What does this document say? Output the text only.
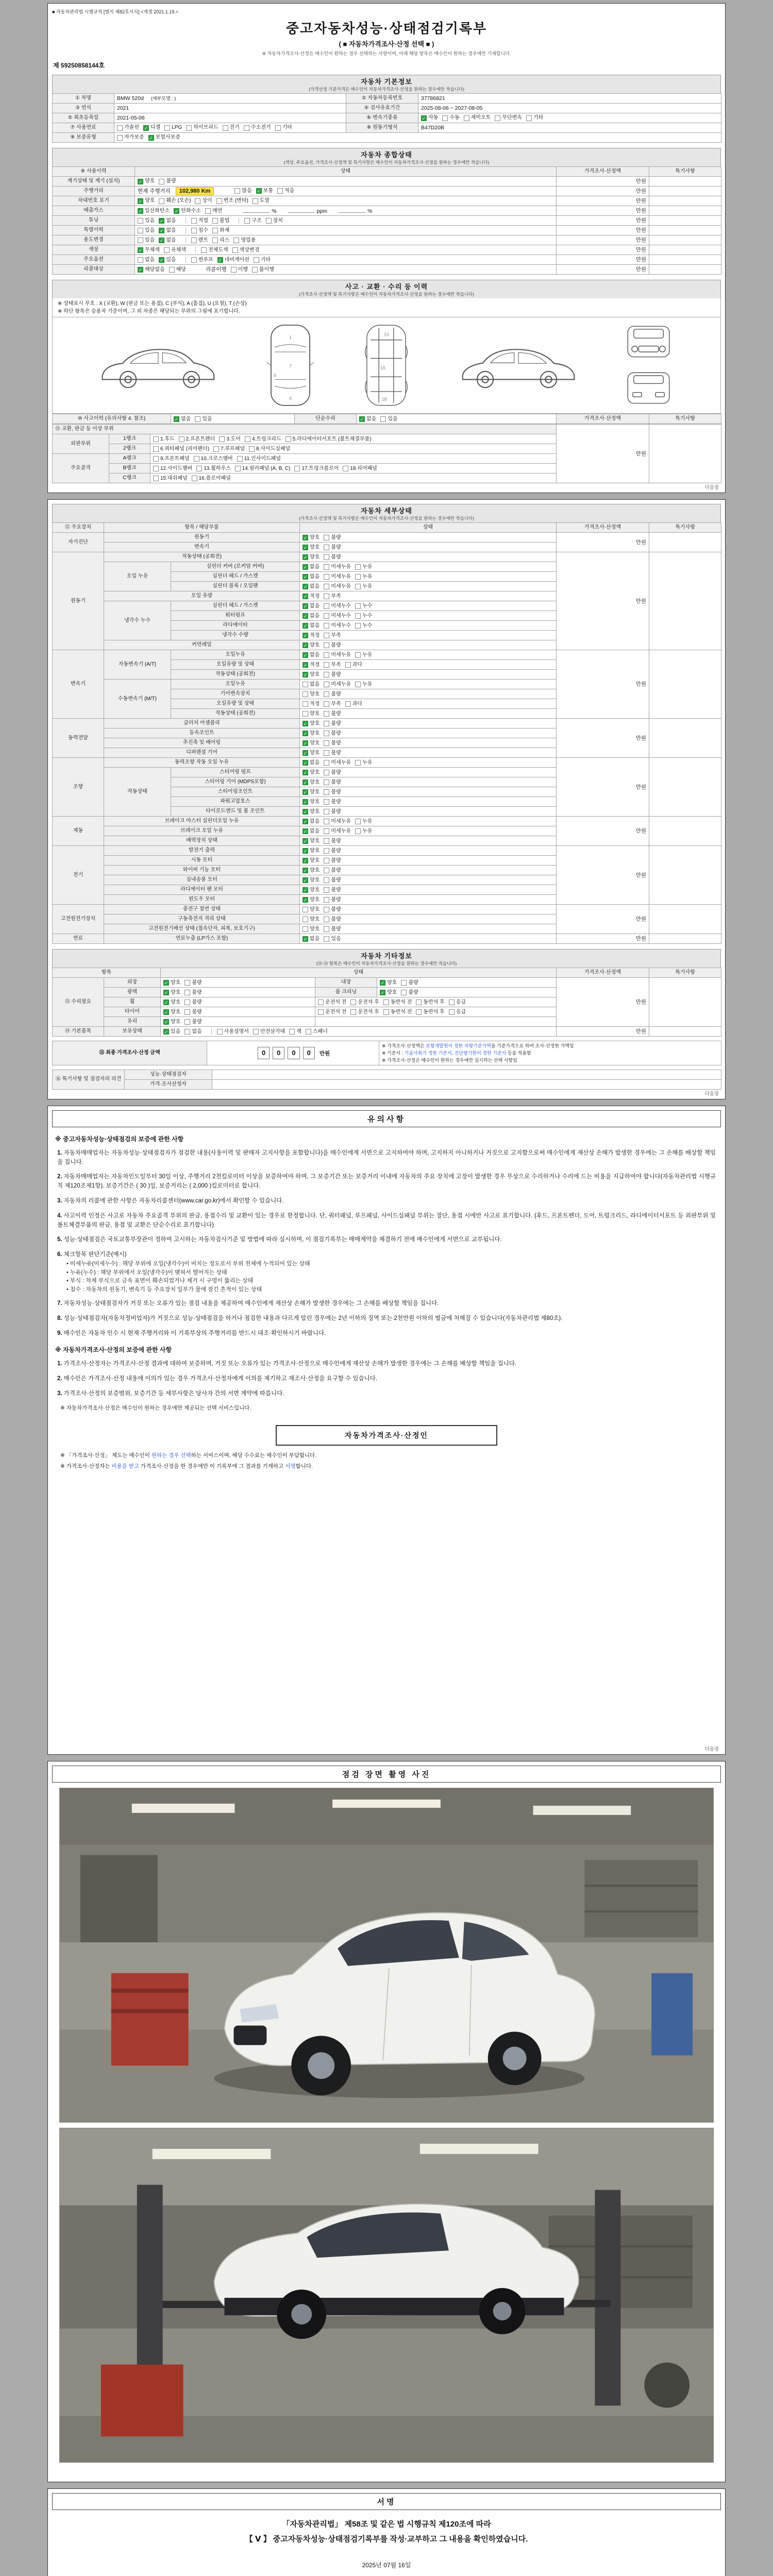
■ 자동차관리법 시행규칙 [별지 제82호서식] <개정 2021.1.19.>
중고자동차성능·상태점검기록부
( ■ 자동차가격조사·산정 선택 ■ )
※ 자동차가격조사·산정은 매수인이 원하는 경우 선택하는 사항이며, 아래 해당 항목은 매수인이 원하는 경우에만 기재합니다.
제 59250858144호
자동차 기본정보
(가격산정 기준가격은 매수인이 자동차가격조사·산정을 원하는 경우에만 적습니다)
① 차명	BMW 520d (세부모델 : )	② 자동차등록번호	37786821
③ 연식	2021	④ 검사유효기간	2025-08-06 ~ 2027-08-05
⑤ 최초등록일	2021-05-06	⑥ 변속기종류	✓ 자동 수동 세미오토 무단변속 기타

⑦ 사용연료	가솔린 ✓ 디젤 LPG 하이브리드 전기 수소전기 기타	⑧ 원동기형식	B47D20B
⑨ 보증유형	자가보증 ✓ 보험사보증		
자동차 종합상태
(색상, 주요옵션, 가격조사·산정액 및 특기사항은 매수인이 자동차가격조사·산정을 원하는 경우에만 적습니다)
⑨ 사용이력	상태	가격조사·산정액	특기사항
계기상태 및 계기 (설치)	✓ 양호 불량	만원	
주행거리	현재 주행거리 102,980 Km 많음 ✓ 보통 적음	만원	
차대번호 표기	✓ 양호 훼손 (오손) 상이 변조 (변타) 도말	만원	
배출가스	✓ 일산화탄소 ✓ 탄화수소 매연	%	ppm	%	만원	
튜닝	있음 ✓ 없음	적법 불법	구조 장치	만원	
특별이력	있음 ✓ 없음 침수 화재	만원	
용도변경	있음 ✓ 없음	렌트 리스 영업용	만원	
색상	✓ 무채색 유채색 전체도색 색상변경	만원	
주요옵션	없음 ✓ 있음	썬루프 ✓ 네비게이션 기타	만원	
리콜대상	✓ 해당없음 해당	리콜이행 이행 불이행	만원	
사고 · 교환 · 수리 등 이력
(가격조사·산정액 및 특기사항은 매수인이 자동차가격조사·산정을 원하는 경우에만 적습니다)
※ 상태표시 부호 : X (교환), W (판금 또는 용접), C (부식), A (흠집), U (요철), T (손상)
※ 하단 항목은 승용차 기준이며, 그 외 차종은 해당되는 부위의 그림에 표기합니다.
1
7
4
6
10
16
18
⑩ 사고이력 (유의사항 4. 참조)	✓ 없음 있음	단순수리	✓ 없음 있음	가격조사·산정액	특기사항
⑪ 교환, 판금 등 이상 부위			만원	
외판부위	1랭크	1.후드 2.프론트펜더 3.도어 4.트렁크리드 5.라디에이터서포트 (볼트체결부품)		

	2랭크	6.쿼터패널 (리어펜더) 7.루프패널 8.사이드실패널		

주요골격	A랭크	9.프론트패널 10.크로스멤버 11.인사이드패널		

	B랭크	12.사이드멤버 13.휠하우스 14.필러패널 (A, B, C) 17.트렁크플로어 18.리어패널		

	C랭크	15.대쉬패널 16.플로어패널		
다음장
자동차 세부상태
(가격조사·산정액 및 특기사항은 매수인이 자동차가격조사·산정을 원하는 경우에만 적습니다)
⑫ 주요장치	항목 / 해당부품		상태	가격조사·산정액	특기사항
자기진단	원동기		✓ 양호 불량	만원	
	변속기		✓ 양호 불량		

원동기	작동상태 (공회전)		✓ 양호 불량	만원	
	오일 누유	실린더 커버 (로커암 커버)	✓ 없음 미세누유 누유		

		실린더 헤드 / 가스켓	✓ 없음 미세누유 누유		

		실린더 블록 / 오일팬	✓ 없음 미세누유 누유		

	오일 유량		✓ 적정 부족		

	냉각수 누수	실린더 헤드 / 가스켓	✓ 없음 미세누수 누수		

		워터펌프	✓ 없음 미세누수 누수		

		라디에이터	✓ 없음 미세누수 누수		

		냉각수 수량	✓ 적정 부족		

	커먼레일		✓ 양호 불량		

변속기	자동변속기 (A/T)	오일누유	✓ 없음 미세누유 누유	만원	
		오일유량 및 상태	✓ 적정 부족 과다		

		작동상태 (공회전)	✓ 양호 불량		

	수동변속기 (M/T)	오일누유	없음 미세누유 누유		

		기어변속장치	양호 불량		

		오일유량 및 상태	적정 부족 과다		

		작동상태 (공회전)	양호 불량		

동력전달	클러치 어셈블리		✓ 양호 불량	만원	
	등속조인트		✓ 양호 불량		

	추진축 및 베어링		✓ 양호 불량		

	디퍼렌셜 기어		✓ 양호 불량		

조향	동력조향 작동 오일 누유		✓ 없음 미세누유 누유	만원	
	작동상태	스티어링 펌프	✓ 양호 불량		

		스티어링 기어 (MDPS포함)	✓ 양호 불량		

		스티어링조인트	✓ 양호 불량		

		파워고압호스	✓ 양호 불량		

		타이로드엔드 및 볼 조인트	✓ 양호 불량		

제동	브레이크 마스터 실린더오일 누유		✓ 없음 미세누유 누유	만원	
	브레이크 오일 누유		✓ 없음 미세누유 누유		

	배력장치 상태		✓ 양호 불량		

전기	발전기 출력		✓ 양호 불량	만원	
	시동 모터		✓ 양호 불량		

	와이퍼 기능 모터		✓ 양호 불량		

	실내송풍 모터		✓ 양호 불량		

	라디에이터 팬 모터		✓ 양호 불량		

	윈도우 모터		✓ 양호 불량		

고전원전기장치	충전구 절연 상태		양호 불량	만원	
	구동축전지 격리 상태		양호 불량		

	고전원전기배선 상태 (접속단자, 피복, 보호기구)		양호 불량		

연료	연료누출 (LP가스 포함)		✓ 없음 있음	만원	
자동차 기타정보
(⑬·⑭ 항목은 매수인이 자동차가격조사·산정을 원하는 경우에만 적습니다)
항목		상태			가격조사·산정액	특기사항
⑬ 수리필요	외장	✓ 양호 불량	내장	✓ 양호 불량	만원	
	광택	✓ 양호 불량	룸 크리닝	✓ 양호 불량		

	휠	✓ 양호 불량	운전석 전 운전석 후 동반석 전 동반석 후 응급			

	타이어	✓ 양호 불량	운전석 전 운전석 후 동반석 전 동반석 후 응급			

	유리	✓ 양호 불량				

⑭ 기본품목	보유상태	✓ 있음 없음	사용설명서 안전삼각대 잭 스패너	만원	
⑮ 최종 가격조사·산정 금액	0 0 0 0 만원	※ 가격조사·산정액은 보험개발원이 정한 차량기준가액을 기준가격으로 하여 조사·산정한 가액임
※ 기준서 : 기술사회가 정한 기준서, 진단평가원이 정한 기준서 등을 적용함
※ 가격조사·산정은 매수인이 원하는 경우에만 실시하는 선택 사항임
⑯ 특기사항 및 점검자의 의견	성능·상태점검자	
	가격·조사산정자	
다음장
유의사항
※ 중고자동차성능·상태점검의 보증에 관한 사항
1. 자동차매매업자는 자동차성능·상태점검자가 점검한 내용(사용이력 및 판매자 고지사항을 포함합니다)을 매수인에게 서면으로 고지하여야 하며, 고지하지 아니하거나 거짓으로 고지함으로써 매수인에게 재산상 손해가 발생한 경우에는 그 손해를 배상할 책임을 집니다.
2. 자동차매매업자는 자동차인도일부터 30일 이상, 주행거리 2천킬로미터 이상을 보증하여야 하며, 그 보증기간 또는 보증거리 이내에 자동차의 주요 장치에 고장이 발생한 경우 무상으로 수리하거나 수리에 드는 비용을 지급하여야 합니다(자동차관리법 시행규칙 제120조제1항). 보증기간은 ( 30 )일, 보증거리는 ( 2,000 )킬로미터로 합니다.
3. 자동차의 리콜에 관한 사항은 자동차리콜센터(www.car.go.kr)에서 확인할 수 있습니다.
4. 사고이력 인정은 사고로 자동차 주요골격 부위의 판금, 용접수리 및 교환이 있는 경우로 한정합니다. 단, 쿼터패널, 루프패널, 사이드실패널 부위는 절단, 용접 시에만 사고로 표기합니다. (후드, 프론트펜더, 도어, 트렁크리드, 라디에이터서포트 등 외판부위 및 볼트체결부품의 판금, 용접 및 교환은 단순수리로 표기합니다)
5. 성능·상태점검은 국토교통부장관이 정하여 고시하는 자동차검사기준 및 방법에 따라 실시하며, 이 점검기록부는 매매계약을 체결하기 전에 매수인에게 서면으로 교부됩니다.
6. 체크항목 판단기준(예시)
• 미세누유(미세누수) : 해당 부위에 오일(냉각수)이 비치는 정도로서 부위 전체에 누적되어 있는 상태
• 누유(누수) : 해당 부위에서 오일(냉각수)이 맺혀서 떨어지는 상태
• 부식 : 차체 부식으로 금속 표면이 훼손되었거나 제거 시 구멍이 뚫리는 상태
• 침수 : 자동차의 원동기, 변속기 등 주요장치 일부가 물에 잠긴 흔적이 있는 상태
7. 자동차성능·상태점검자가 거짓 또는 오류가 있는 점검 내용을 제공하여 매수인에게 재산상 손해가 발생한 경우에는 그 손해를 배상할 책임을 집니다.
8. 성능·상태점검자(자동차정비업자)가 거짓으로 성능·상태점검을 하거나 점검한 내용과 다르게 알린 경우에는 2년 이하의 징역 또는 2천만원 이하의 벌금에 처해질 수 있습니다(자동차관리법 제80조).
9. 매수인은 자동차 인수 시 현재 주행거리와 이 기록부상의 주행거리를 반드시 대조·확인하시기 바랍니다.
※ 자동차가격조사·산정의 보증에 관한 사항
1. 가격조사·산정자는 가격조사·산정 결과에 대하여 보증하며, 거짓 또는 오류가 있는 가격조사·산정으로 매수인에게 재산상 손해가 발생한 경우에는 그 손해를 배상할 책임을 집니다.
2. 매수인은 가격조사·산정 내용에 이의가 있는 경우 가격조사·산정자에게 이의를 제기하고 재조사·산정을 요구할 수 있습니다.
3. 가격조사·산정의 보증범위, 보증기간 등 세부사항은 당사자 간의 서면 계약에 따릅니다.
※ 자동차가격조사·산정은 매수인이 원하는 경우에만 제공되는 선택 서비스입니다.
자동차가격조사·산정인
※ 「가격조사·산정」 제도는 매수인이 원하는 경우 선택하는 서비스이며, 해당 수수료는 매수인이 부담합니다.
※ 가격조사·산정자는 비용을 받고 가격조사·산정을 한 경우에만 이 기록부에 그 결과를 기재하고 서명합니다.
다음장
점검 장면 촬영 사진
서명
「자동차관리법」 제58조 및 같은 법 시행규칙 제120조에 따라
【 Ⅴ 】 중고자동차성능·상태점검기록부를 작성·교부하고 그 내용을 확인하였습니다.
2025년 07월 16일
